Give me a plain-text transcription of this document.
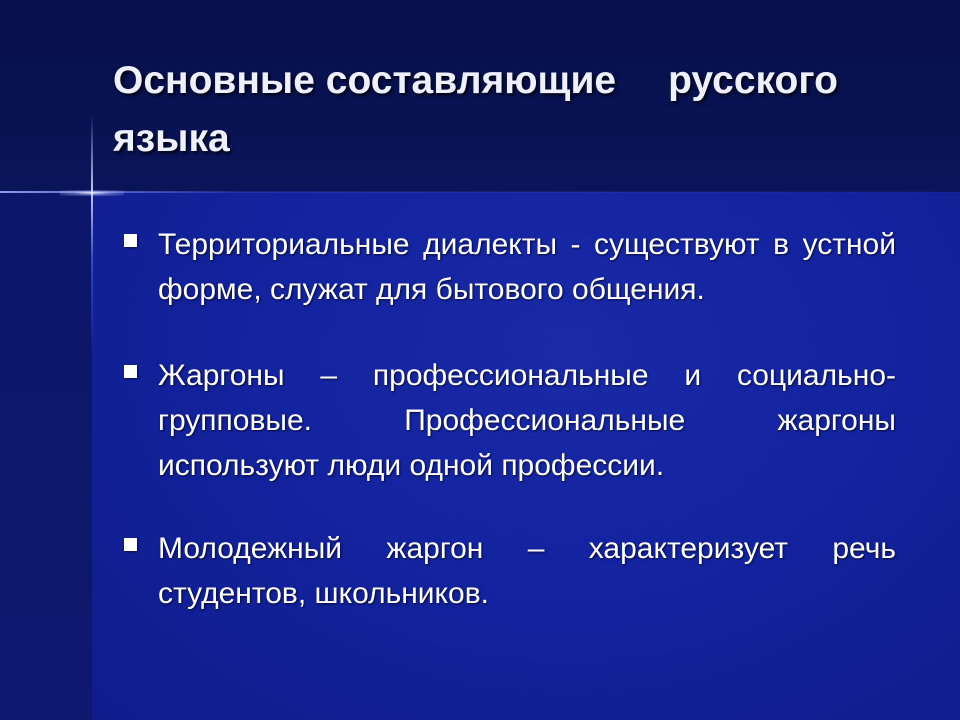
Основные составляющие русского
языка
Территориальные диалекты - существуют в устной форме, служат для бытового общения.
Жаргоны – профессиональные и социально-групповые. Профессиональные жаргоны используют люди одной профессии.
Молодежный жаргон – характеризует речь студентов, школьников.
